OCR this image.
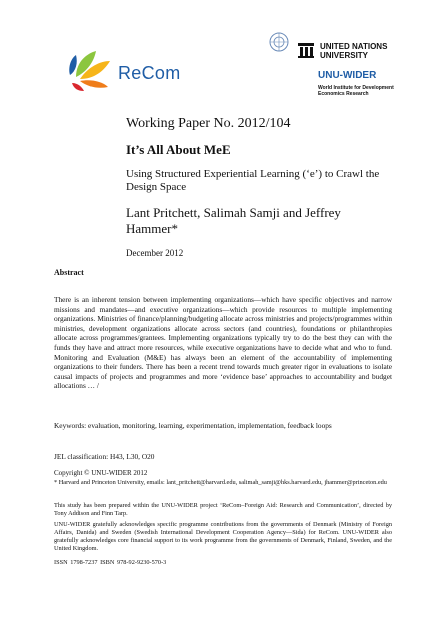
ReCom
UNITED NATIONS
UNIVERSITY
UNU-WIDER
World Institute for Development Economics Research
Working Paper No. 2012/104
It’s All About MeE
Using Structured Experiential Learning (‘e’) to Crawl the Design Space
Lant Pritchett, Salimah Samji and Jeffrey Hammer*
December 2012
Abstract
There is an inherent tension between implementing organizations—which have specific objectives and narrow missions and mandates—and executive organizations—which provide resources to multiple implementing organizations. Ministries of finance/planning/budgeting allocate across ministries and projects/programmes within ministries, development organizations allocate across sectors (and countries), foundations or philanthropies allocate across programmes/grantees. Implementing organizations typically try to do the best they can with the funds they have and attract more resources, while executive organizations have to decide what and who to fund. Monitoring and Evaluation (M&E) has always been an element of the accountability of implementing organizations to their funders. There has been a recent trend towards much greater rigor in evaluations to isolate causal impacts of projects and programmes and more ‘evidence base’ approaches to accountability and budget allocations … /
Keywords: evaluation, monitoring, learning, experimentation, implementation, feedback loops
JEL classification: H43, L30, O20
Copyright © UNU-WIDER 2012
* Harvard and Princeton University, emails: lant_pritchett@harvard.edu, salimah_samji@hks.harvard.edu, jhammer@princeton.edu
This study has been prepared within the UNU-WIDER project ‘ReCom–Foreign Aid: Research and Communication’, directed by Tony Addison and Finn Tarp.
UNU-WIDER gratefully acknowledges specific programme contributions from the governments of Denmark (Ministry of Foreign Affairs, Danida) and Sweden (Swedish International Development Cooperation Agency—Sida) for ReCom. UNU-WIDER also gratefully acknowledges core financial support to its work programme from the governments of Denmark, Finland, Sweden, and the United Kingdom.
ISSN 1798-7237 ISBN 978-92-9230-570-3
